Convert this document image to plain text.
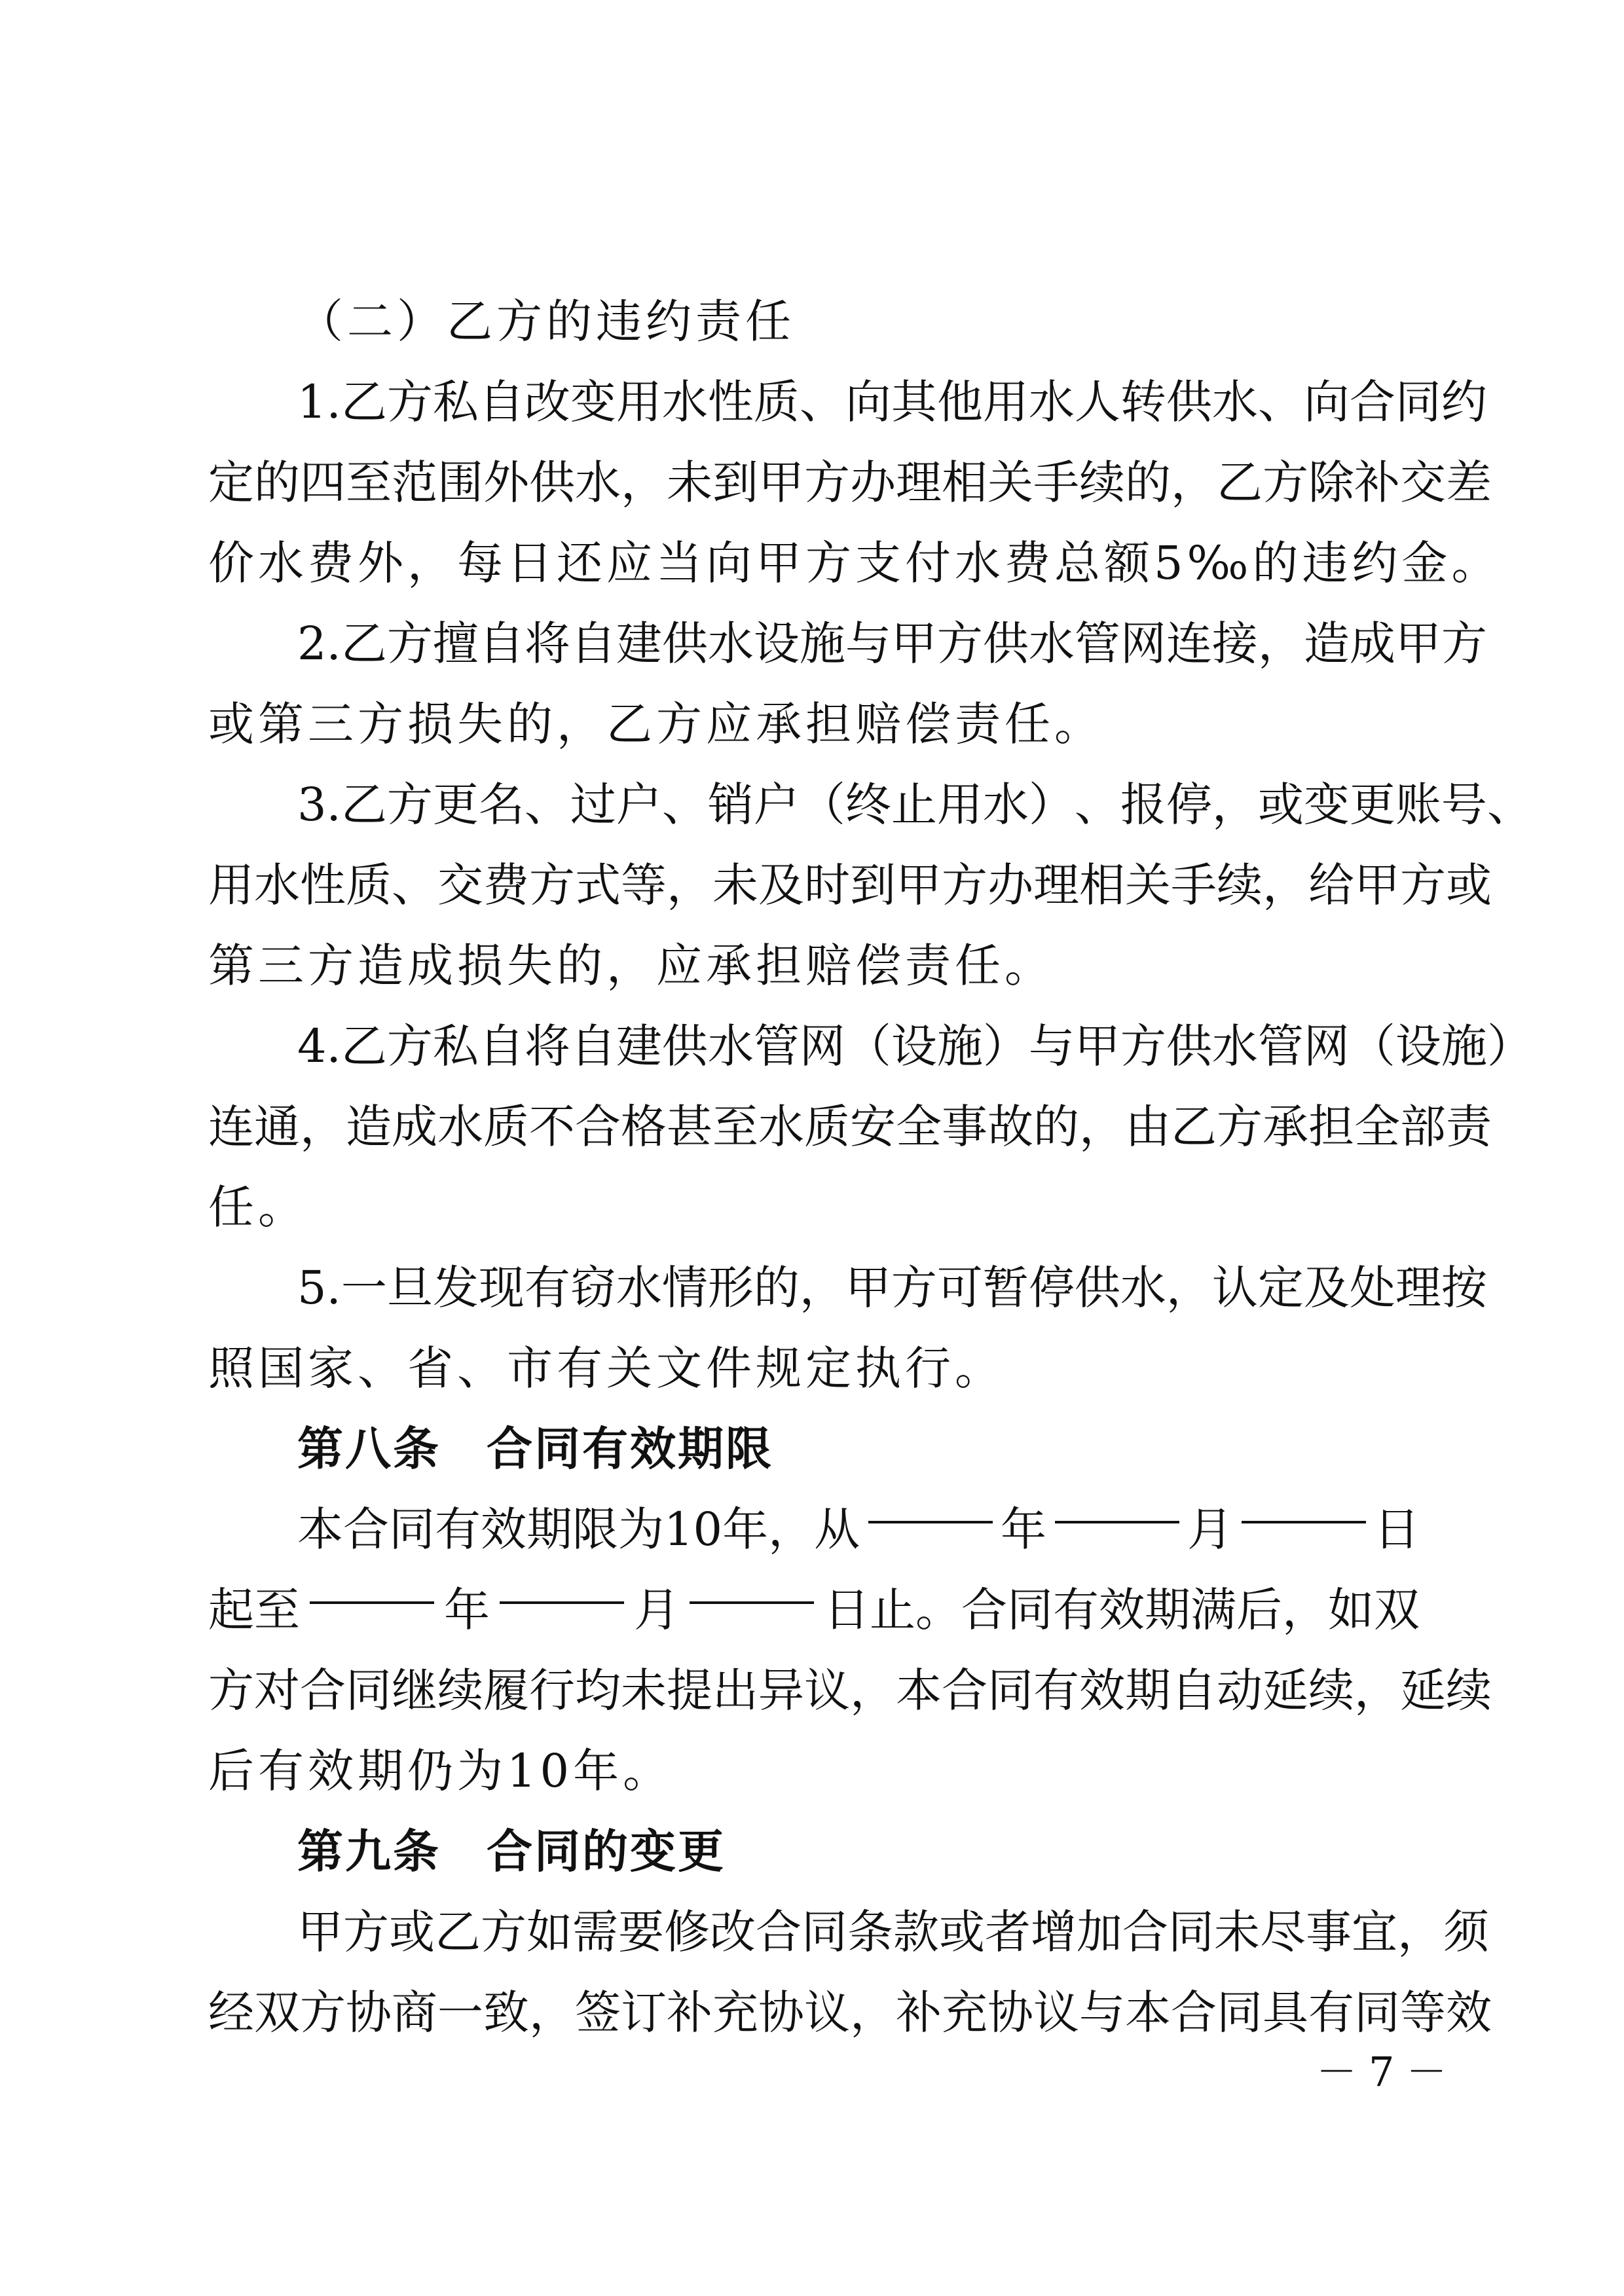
（二）乙方的违约责任
1 . 乙 方 私 自 改 变 用 水 性 质 、 向 其 他 用 水 人 转 供 水 、 向 合 同 约
定 的 四 至 范 围 外 供 水 ， 未 到 甲 方 办 理 相 关 手 续 的 ， 乙 方 除 补 交 差
价水费外，每日还应当向甲方支付水费总额5‰的违约金。
2 . 乙 方 擅 自 将 自 建 供 水 设 施 与 甲 方 供 水 管 网 连 接 ， 造 成 甲 方
或第三方损失的，乙方应承担赔偿责任。
3 . 乙 方 更 名 、 过 户 、 销 户 （ 终 止 用 水 ） 、 报 停 ， 或 变 更 账 号 、
用 水 性 质 、 交 费 方 式 等 ， 未 及 时 到 甲 方 办 理 相 关 手 续 ， 给 甲 方 或
第三方造成损失的，应承担赔偿责任。
4 . 乙 方 私 自 将 自 建 供 水 管 网 （ 设 施 ） 与 甲 方 供 水 管 网 （ 设 施 ）
连 通 ， 造 成 水 质 不 合 格 甚 至 水 质 安 全 事 故 的 ， 由 乙 方 承 担 全 部 责
任。
5 . 一 旦 发 现 有 窃 水 情 形 的 ， 甲 方 可 暂 停 供 水 ， 认 定 及 处 理 按
照国家、省、市有关文件规定执行。
第八条 合同有效期限
本合同有效期限为10年，从	年	月	日
起至	年	月	日止。合同有效期满后，如双
方 对 合 同 继 续 履 行 均 未 提 出 异 议 ， 本 合 同 有 效 期 自 动 延 续 ， 延 续
后有效期仍为10年。
第九条 合同的变更
甲 方 或 乙 方 如 需 要 修 改 合 同 条 款 或 者 增 加 合 同 未 尽 事 宜 ， 须
经 双 方 协 商 一 致 ， 签 订 补 充 协 议 ， 补 充 协 议 与 本 合 同 具 有 同 等 效
－7－
